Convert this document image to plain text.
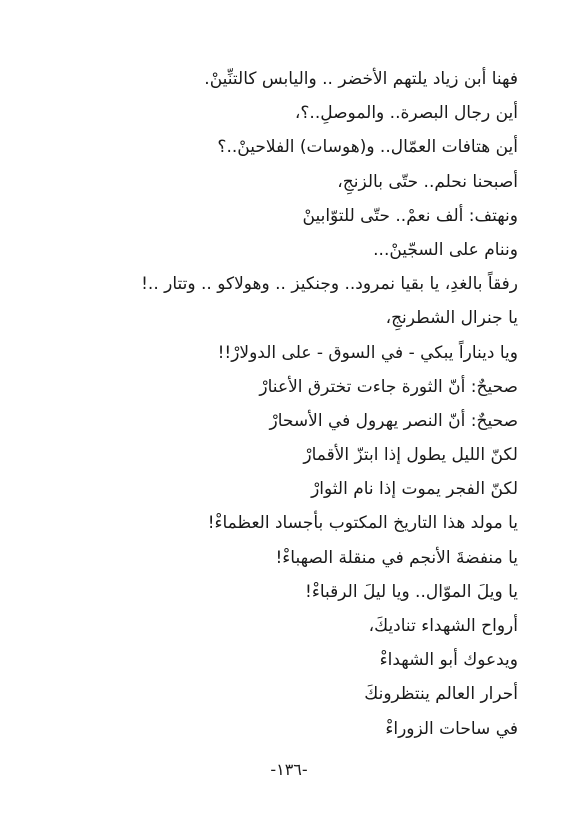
فهنا أبن زياد يلتهم الأخضر .. واليابس كالتنِّينْ.
أين رجال البصرة.. والموصلِ..؟،
أين هتافات العمّال.. و(هوسات) الفلاحينْ..؟
أصبحنا نحلم.. حتّى بالزنجِ،
ونهتف: ألف نعمْ.. حتّى للتوّابينْ
وننام على السجّينْ...
رفقاً بالغدِ، يا بقيا نمرود.. وجنكيز .. وهولاكو .. وتتار ..!
يا جنرال الشطرنجِ،
ويا ديناراً يبكي - في السوق - على الدولارْ!!
صحيحٌ: أنّ الثورة جاءت تخترق الأعنارْ
صحيحٌ: أنّ النصر يهرول في الأسحارْ
لكنّ الليل يطول إذا ابتزّ الأقمارْ
لكنّ الفجر يموت إذا نام الثوارْ
يا مولد هذا التاريخ المكتوب بأجساد العظماءْ!
يا منفضةَ الأنجم في منقلة الصهباءْ!
يا ويلَ الموّال.. ويا ليلَ الرقباءْ!
أرواح الشهداء تناديكَ،
ويدعوك أبو الشهداءْ
أحرار العالم ينتظرونكَ
في ساحات الزوراءْ
-١٣٦-
